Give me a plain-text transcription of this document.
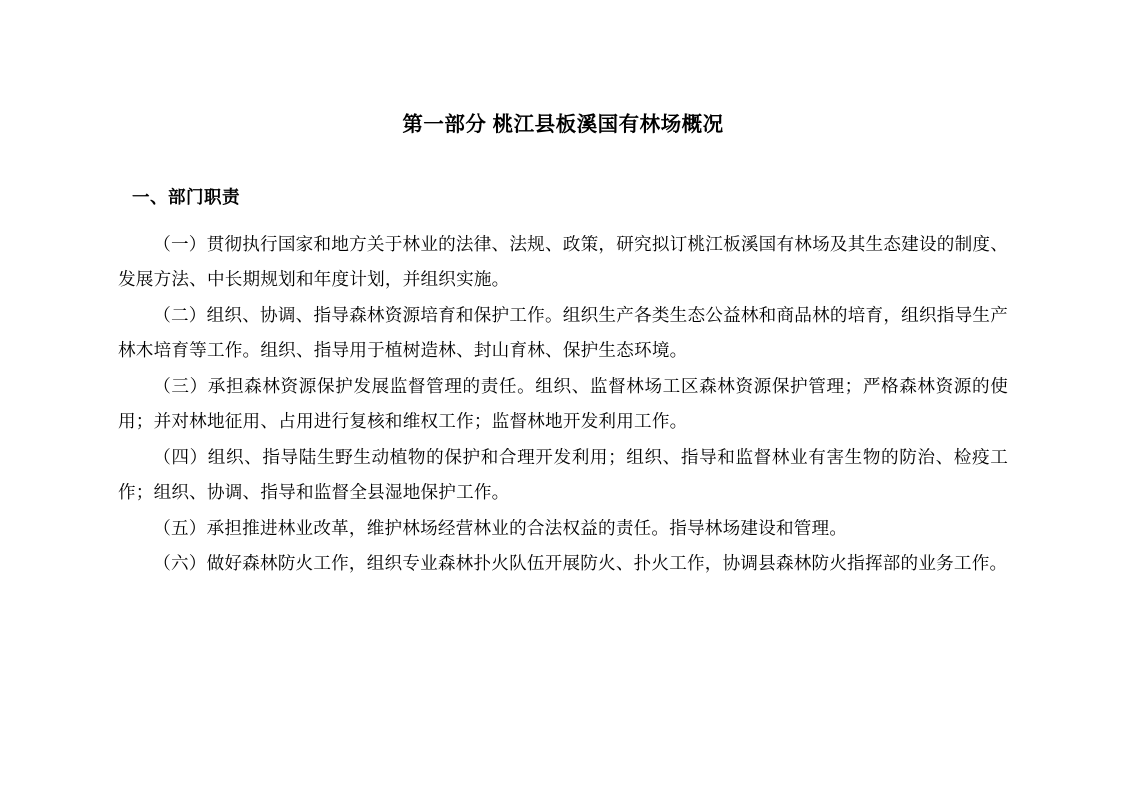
第一部分 桃江县板溪国有林场概况
一、部门职责

（一）贯彻执行国家和地方关于林业的法律、法规、政策，研究拟订桃江板溪国有林场及其生态建设的制度、发展方法、中长期规划和年度计划，并组织实施。

（二）组织、协调、指导森林资源培育和保护工作。组织生产各类生态公益林和商品林的培育，组织指导生产林木培育等工作。组织、指导用于植树造林、封山育林、保护生态环境。

（三）承担森林资源保护发展监督管理的责任。组织、监督林场工区森林资源保护管理；严格森林资源的使用；并对林地征用、占用进行复核和维权工作；监督林地开发利用工作。

（四）组织、指导陆生野生动植物的保护和合理开发利用；组织、指导和监督林业有害生物的防治、检疫工作；组织、协调、指导和监督全县湿地保护工作。

（五）承担推进林业改革，维护林场经营林业的合法权益的责任。指导林场建设和管理。

（六）做好森林防火工作，组织专业森林扑火队伍开展防火、扑火工作，协调县森林防火指挥部的业务工作。
